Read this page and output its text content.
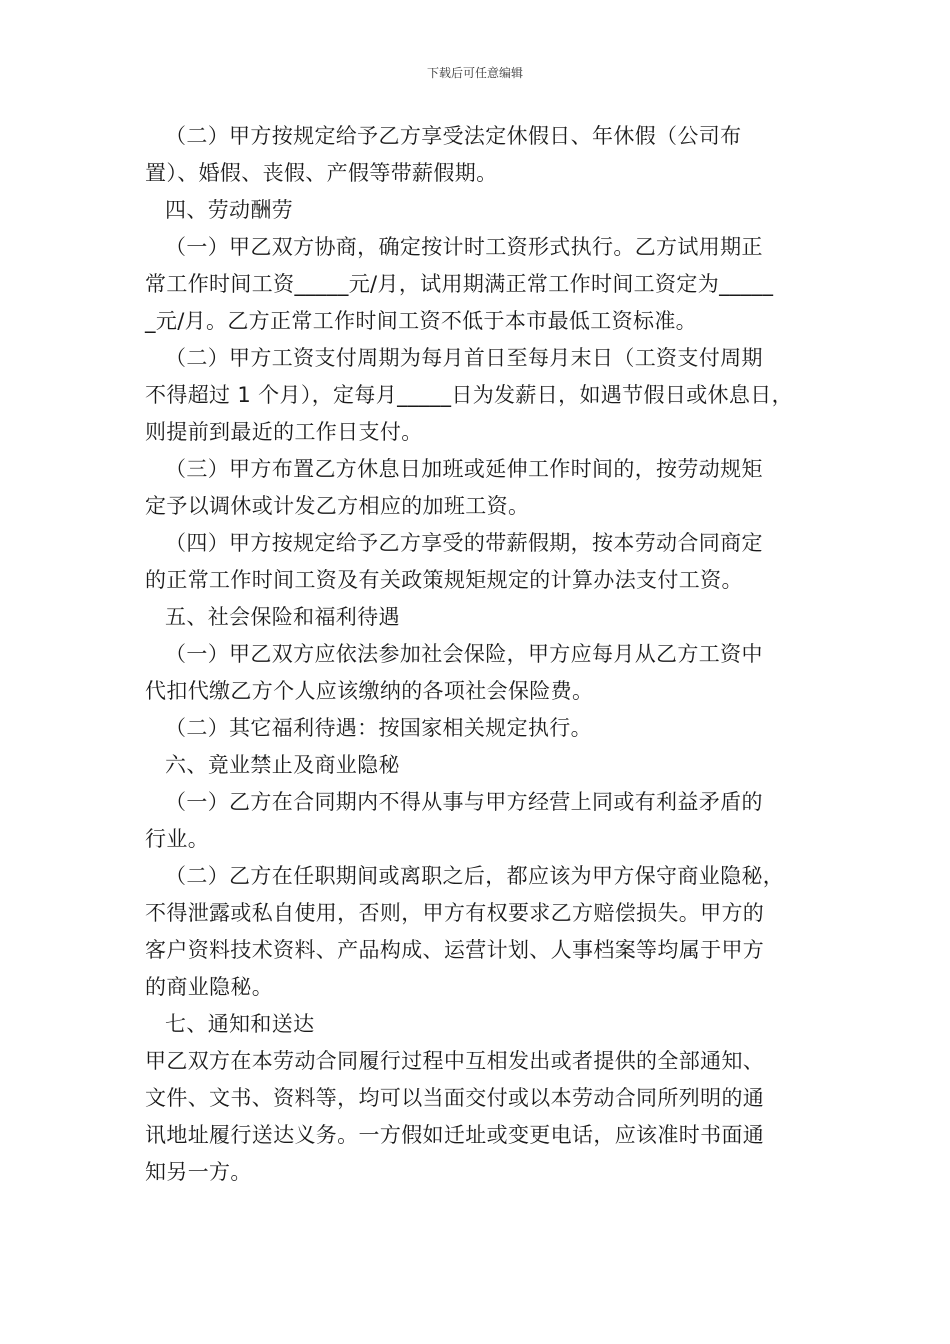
下载后可任意编辑
（二）甲方按规定给予乙方享受法定休假日、年休假（公司布
置）、婚假、丧假、产假等带薪假期。
四、劳动酬劳
（一）甲乙双方协商，确定按计时工资形式执行。乙方试用期正
常工作时间工资_____元/月，试用期满正常工作时间工资定为_____
_元/月。乙方正常工作时间工资不低于本市最低工资标准。
（二）甲方工资支付周期为每月首日至每月末日（工资支付周期
不得超过 1 个月），定每月_____日为发薪日，如遇节假日或休息日，
则提前到最近的工作日支付。
（三）甲方布置乙方休息日加班或延伸工作时间的，按劳动规矩
定予以调休或计发乙方相应的加班工资。
（四）甲方按规定给予乙方享受的带薪假期，按本劳动合同商定
的正常工作时间工资及有关政策规矩规定的计算办法支付工资。
五、社会保险和福利待遇
（一）甲乙双方应依法参加社会保险，甲方应每月从乙方工资中
代扣代缴乙方个人应该缴纳的各项社会保险费。
（二）其它福利待遇：按国家相关规定执行。
六、竟业禁止及商业隐秘
（一）乙方在合同期内不得从事与甲方经营上同或有利益矛盾的
行业。
（二）乙方在任职期间或离职之后，都应该为甲方保守商业隐秘，
不得泄露或私自使用，否则，甲方有权要求乙方赔偿损失。甲方的
客户资料技术资料、产品构成、运营计划、人事档案等均属于甲方
的商业隐秘。
七、通知和送达
甲乙双方在本劳动合同履行过程中互相发出或者提供的全部通知、
文件、文书、资料等，均可以当面交付或以本劳动合同所列明的通
讯地址履行送达义务。一方假如迁址或变更电话，应该准时书面通
知另一方。
